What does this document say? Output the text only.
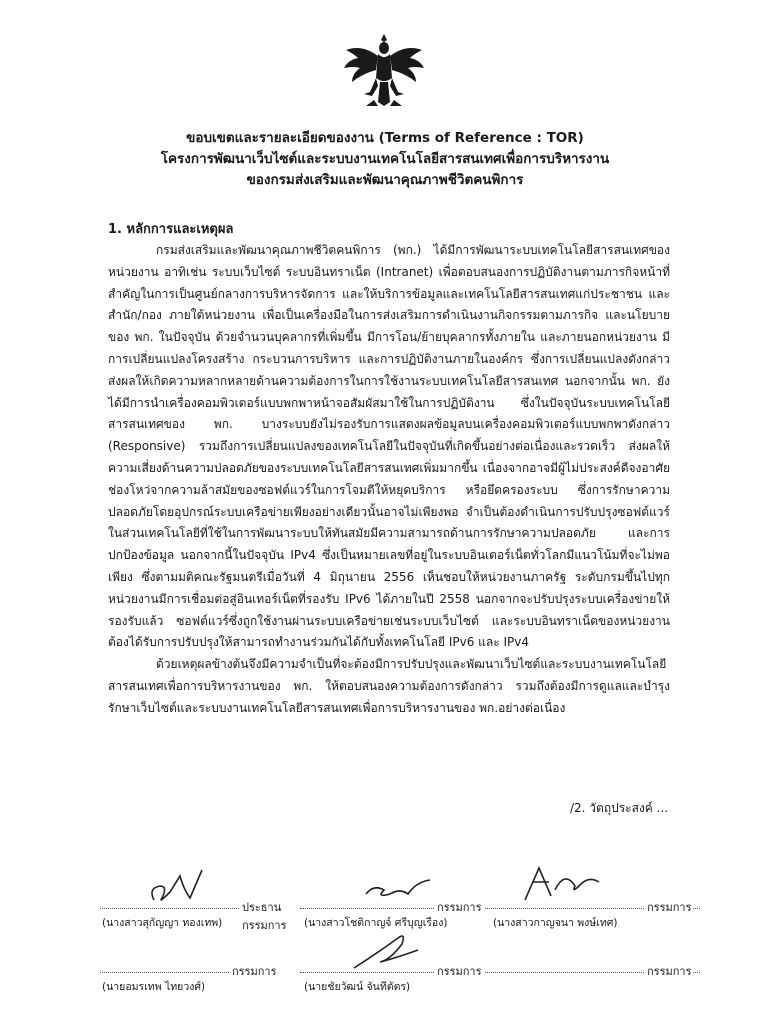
ขอบเขตและรายละเอียดของงาน (Terms of Reference : TOR)
โครงการพัฒนาเว็บไซต์และระบบงานเทคโนโลยีสารสนเทศเพื่อการบริหารงาน
ของกรมส่งเสริมและพัฒนาคุณภาพชีวิตคนพิการ
1. หลักการและเหตุผล

กรมส่งเสริมและพัฒนาคุณภาพชีวิตคนพิการ (พก.) ได้มีการพัฒนาระบบเทคโนโลยีสารสนเทศของหน่วยงาน อาทิเช่น ระบบเว็บไซต์ ระบบอินทราเน็ต (Intranet) เพื่อตอบสนองการปฏิบัติงานตามภารกิจหน้าที่สำคัญในการเป็นศูนย์กลางการบริหารจัดการ และให้บริการข้อมูลและเทคโนโลยีสารสนเทศแก่ประชาชน และสำนัก/กอง ภายใต้หน่วยงาน เพื่อเป็นเครื่องมือในการส่งเสริมการดำเนินงานกิจกรรมตามภารกิจ และนโยบายของ พก. ในปัจจุบัน ด้วยจำนวนบุคลากรที่เพิ่มขึ้น มีการโอน/ย้ายบุคลากรทั้งภายใน และภายนอกหน่วยงาน มีการเปลี่ยนแปลงโครงสร้าง กระบวนการบริหาร และการปฏิบัติงานภายในองค์กร ซึ่งการเปลี่ยนแปลงดังกล่าวส่งผลให้เกิดความหลากหลายด้านความต้องการในการใช้งานระบบเทคโนโลยีสารสนเทศ นอกจากนั้น พก. ยังได้มีการนำเครื่องคอมพิวเตอร์แบบพกพาหน้าจอสัมผัสมาใช้ในการปฏิบัติงาน ซึ่งในปัจจุบันระบบเทคโนโลยีสารสนเทศของ พก. บางระบบยังไม่รองรับการแสดงผลข้อมูลบนเครื่องคอมพิวเตอร์แบบพกพาดังกล่าว (Responsive) รวมถึงการเปลี่ยนแปลงของเทคโนโลยีในปัจจุบันที่เกิดขึ้นอย่างต่อเนื่องและรวดเร็ว ส่งผลให้ความเสี่ยงด้านความปลอดภัยของระบบเทคโนโลยีสารสนเทศเพิ่มมากขึ้น เนื่องจากอาจมีผู้ไม่ประสงค์ดีจงอาศัยช่องโหว่จากความล้าสมัยของซอฟต์แวร์ในการโจมตีให้หยุดบริการ หรือยึดครองระบบ ซึ่งการรักษาความปลอดภัยโดยอุปกรณ์ระบบเครือข่ายเพียงอย่างเดียวนั้นอาจไม่เพียงพอ จำเป็นต้องดำเนินการปรับปรุงซอฟต์แวร์ในส่วนเทคโนโลยีที่ใช้ในการพัฒนาระบบให้ทันสมัยมีความสามารถด้านการรักษาความปลอดภัย และการปกป้องข้อมูล นอกจากนี้ในปัจจุบัน IPv4 ซึ่งเป็นหมายเลขที่อยู่ในระบบอินเตอร์เน็ตทั่วโลกมีแนวโน้มที่จะไม่พอเพียง ซึ่งตามมติคณะรัฐมนตรีเมื่อวันที่ 4 มิถุนายน 2556 เห็นชอบให้หน่วยงานภาครัฐ ระดับกรมขึ้นไปทุกหน่วยงานมีการเชื่อมต่อสู่อินเทอร์เน็ตที่รองรับ IPv6 ได้ภายในปี 2558 นอกจากจะปรับปรุงระบบเครื่องข่ายให้รองรับแล้ว ซอฟต์แวร์ซึ่งถูกใช้งานผ่านระบบเครือข่ายเช่นระบบเว็บไซต์ และระบบอินทราเน็ตของหน่วยงานต้องได้รับการปรับปรุงให้สามารถทำงานร่วมกันได้กับทั้งเทคโนโลยี IPv6 และ IPv4

ด้วยเหตุผลข้างต้นจึงมีความจำเป็นที่จะต้องมีการปรับปรุงและพัฒนาเว็บไซต์และระบบงานเทคโนโลยีสารสนเทศเพื่อการบริหารงานของ พก. ให้ตอบสนองความต้องการดังกล่าว รวมถึงต้องมีการดูแลและบำรุงรักษาเว็บไซต์และระบบงานเทคโนโลยีสารสนเทศเพื่อการบริหารงานของ พก.อย่างต่อเนื่อง

/2. วัตถุประสงค์ ...
ประธานกรรมการ
(นางสาวสุกัญญา ทองเทพ)
กรรมการ
(นางสาวโชติกาญจ์ ศรีบุญเรือง)
กรรมการ
(นางสาวกาญจนา พงษ์เทศ)
กรรมการ
(นายอมรเทพ ไทยวงศ์)
กรรมการ
(นายชัยวัฒน์ จันทีตัตร)
กรรมการ
